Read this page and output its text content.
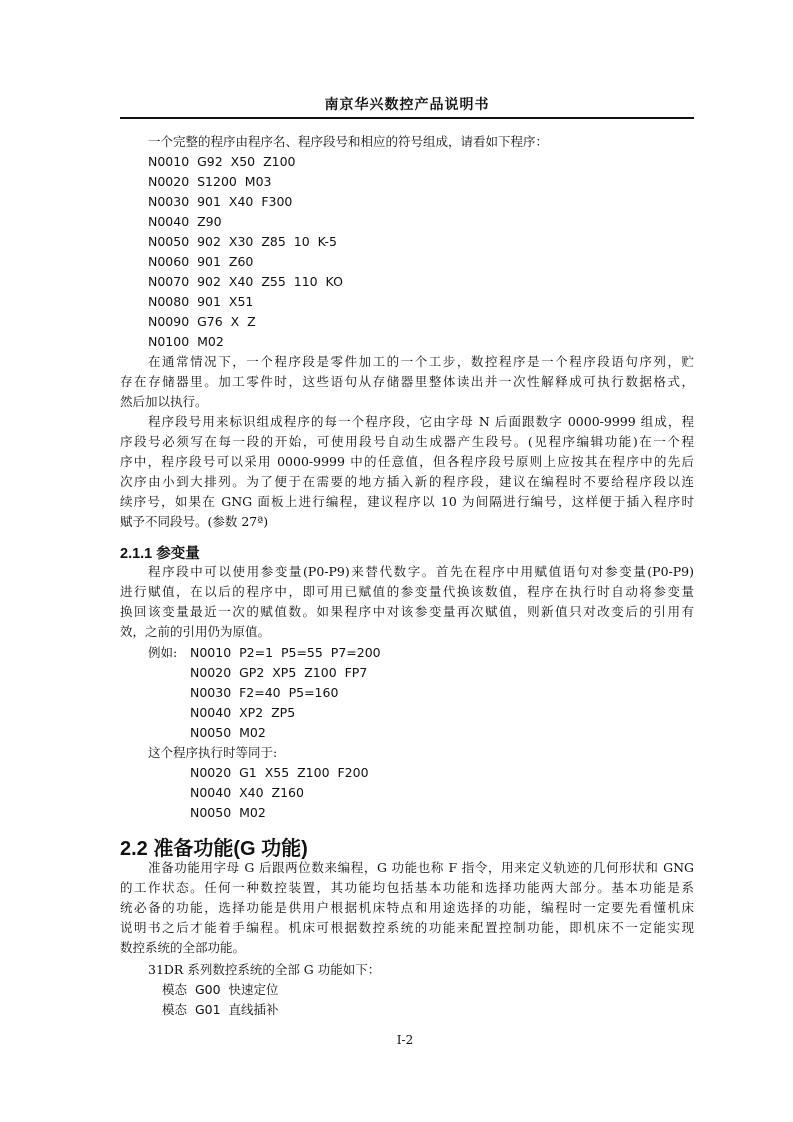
南京华兴数控产品说明书
一个完整的程序由程序名、程序段号和相应的符号组成，请看如下程序：
N0010  G92  X50  Z100
N0020  S1200  M03
N0030  901  X40  F300
N0040  Z90
N0050  902  X30  Z85  10  K-5
N0060  901  Z60
N0070  902  X40  Z55  110  KO
N0080  901  X51
N0090  G76  X  Z
N0100  M02
在通常情况下，一个程序段是零件加工的一个工步，数控程序是一个程序段语句序列，贮
存在存储器里。加工零件时，这些语句从存储器里整体读出并一次性解释成可执行数据格式，
然后加以执行。
程序段号用来标识组成程序的每一个程序段，它由字母 N 后面跟数字 0000-9999 组成，程
序段号必须写在每一段的开始，可使用段号自动生成器产生段号。(见程序编辑功能)在一个程
序中，程序段号可以采用 0000-9999 中的任意值，但各程序段号原则上应按其在程序中的先后
次序由小到大排列。为了便于在需要的地方插入新的程序段，建议在编程时不要给程序段以连
续序号，如果在 GNG 面板上进行编程，建议程序以 10 为间隔进行编号，这样便于插入程序时
赋予不同段号。(参数 27ª)
2.1.1 参变量
程序段中可以使用参变量(P0-P9)来替代数字。首先在程序中用赋值语句对参变量(P0-P9)
进行赋值，在以后的程序中，即可用已赋值的参变量代换该数值，程序在执行时自动将参变量
换回该变量最近一次的赋值数。如果程序中对该参变量再次赋值，则新值只对改变后的引用有
效，之前的引用仍为原值。
例如:	N0010  P2=1  P5=55  P7=200
N0020  GP2  XP5  Z100  FP7
N0030  F2=40  P5=160
N0040  XP2  ZP5
N0050  M02
这个程序执行时等同于:
N0020  G1  X55  Z100  F200
N0040  X40  Z160
N0050  M02
2.2 准备功能(G 功能)
准备功能用字母 G 后跟两位数来编程，G 功能也称 F 指令，用来定义轨迹的几何形状和 GNG
的工作状态。任何一种数控装置，其功能均包括基本功能和选择功能两大部分。基本功能是系
统必备的功能，选择功能是供用户根据机床特点和用途选择的功能，编程时一定要先看懂机床
说明书之后才能着手编程。机床可根据数控系统的功能来配置控制功能，即机床不一定能实现
数控系统的全部功能。
31DR 系列数控系统的全部 G 功能如下：
模态  G00  快速定位
模态  G01  直线插补
I-2
